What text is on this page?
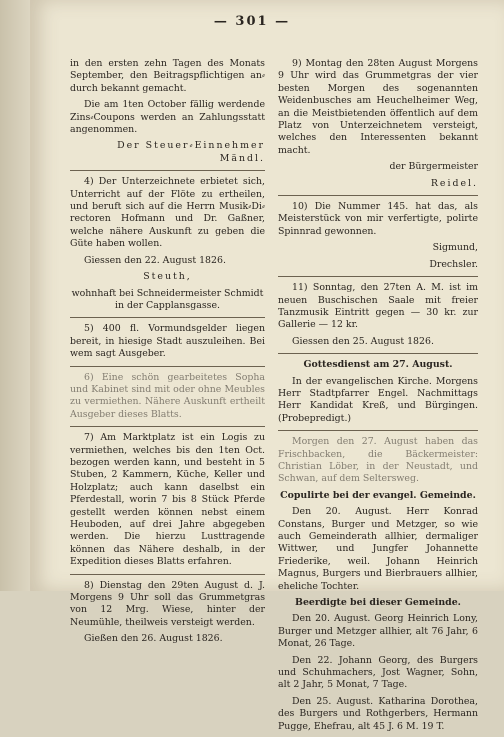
— 301 —

in den ersten zehn Tagen des Monats September, den Beitragspflichtigen an⸗ durch bekannt gemacht.

Die am 1ten October fällig werdende Zins⸗Coupons werden an Zahlungsstatt angenommen.

Der Steuer⸗Einnehmer Mändl.

4) Der Unterzeichnete erbietet sich, Unterricht auf der Flöte zu ertheilen, und beruft sich auf die Herrn Musik⸗Di⸗ rectoren Hofmann und Dr. Gaßner, welche nähere Auskunft zu geben die Güte haben wollen.

Giessen den 22. August 1826.

Steuth,

wohnhaft bei Schneidermeister Schmidt in der Capplansgasse.

5) 400 fl. Vormundsgelder liegen bereit, in hiesige Stadt auszuleihen. Bei wem sagt Ausgeber.

6) Eine schön gearbeitetes Sopha und Kabinet sind mit oder ohne Meubles zu vermiethen. Nähere Auskunft ertheilt Ausgeber dieses Blatts.

7) Am Marktplatz ist ein Logis zu vermiethen, welches bis den 1ten Oct. bezogen werden kann, und besteht in 5 Stuben, 2 Kammern, Küche, Keller und Holzplatz; auch kann daselbst ein Pferdestall, worin 7 bis 8 Stück Pferde gestellt werden können nebst einem Heuboden, auf drei Jahre abgegeben werden. Die hierzu Lusttragende können das Nähere deshalb, in der Expedition dieses Blatts erfahren.

8) Dienstag den 29ten August d. J. Morgens 9 Uhr soll das Grummetgras von 12 Mrg. Wiese, hinter der Neumühle, theilweis versteigt werden.

Gießen den 26. August 1826.

9) Montag den 28ten August Morgens 9 Uhr wird das Grummetgras der vier besten Morgen des sogenannten Weidenbusches am Heuchelheimer Weg, an die Meistbietenden öffentlich auf dem Platz von Unterzeichnetem versteigt, welches den Interessenten bekannt macht.

der Bürgermeister

Reidel.

10) Die Nummer 145. hat das, als Meisterstück von mir verfertigte, polirte Spinnrad gewonnen.

Sigmund,

Drechsler.

11) Sonntag, den 27ten A. M. ist im neuen Buschischen Saale mit freier Tanzmusik Eintritt gegen — 30 kr. zur Gallerie — 12 kr.

Giessen den 25. August 1826.

Gottesdienst am 27. August.

In der evangelischen Kirche. Morgens Herr Stadtpfarrer Engel. Nachmittags Herr Kandidat Kreß, und Bürgingen. (Probepredigt.)

Morgen den 27. August haben das Frischbacken, die Bäckermeister: Christian Löber, in der Neustadt, und Schwan, auf dem Seltersweg.

Copulirte bei der evangel. Gemeinde.

Den 20. August. Herr Konrad Constans, Burger und Metzger, so wie auch Gemeinderath allhier, dermaliger Wittwer, und Jungfer Johannette Friederike, weil. Johann Heinrich Magnus, Burgers und Bierbrauers allhier, eheliche Tochter.

Beerdigte bei dieser Gemeinde.

Den 20. August. Georg Heinrich Lony, Burger und Metzger allhier, alt 76 Jahr, 6 Monat, 26 Tage.

Den 22. Johann Georg, des Burgers und Schuhmachers, Jost Wagner, Sohn, alt 2 Jahr, 5 Monat, 7 Tage.

Den 25. August. Katharina Dorothea, des Burgers und Rothgerbers, Hermann Pugge, Ehefrau, alt 45 J. 6 M. 19 T.
